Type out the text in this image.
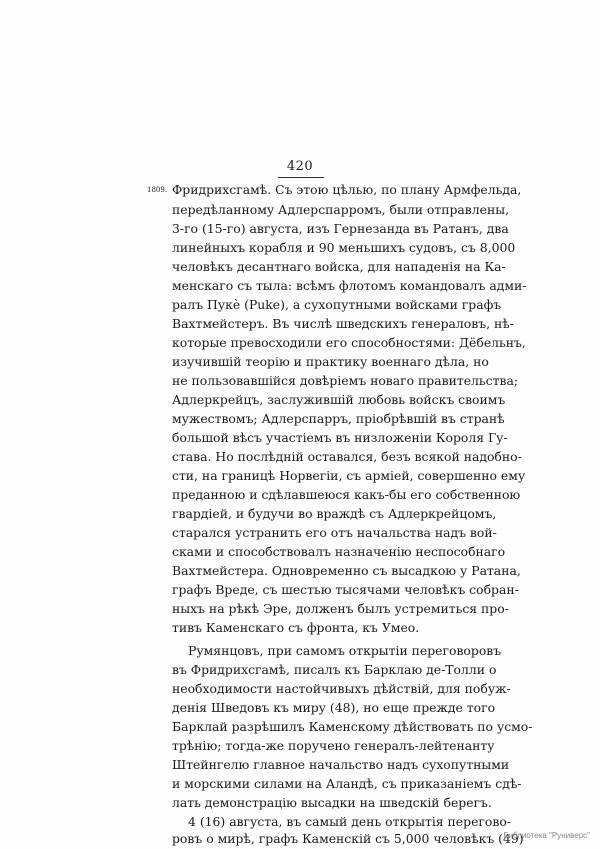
420
1809. Фридрихсгамѣ. Съ этою цѣлью, по плану Армфельда,
передѣланному Адлерспарромъ, были отправлены,
3-го (15-го) августа, изъ Гернезанда въ Ратанъ, два
линейныхъ корабля и 90 меньшихъ судовъ, съ 8,000
человѣкъ десантнаго войска, для нападенія на Ка-
менскаго съ тыла: всѣмъ флотомъ командовалъ адми-
ралъ Пукѐ (Puke), а сухопутными войсками графъ
Вахтмейстеръ. Въ числѣ шведскихъ генераловъ, нѣ-
которые превосходили его способностями: Дёбельнъ,
изучившій теорію и практику военнаго дѣла, но
не пользовавшійся довѣріемъ новаго правительства;
Адлеркрейцъ, заслужившій любовь войскъ своимъ
мужествомъ; Адлерспарръ, пріобрѣвшій въ странѣ
большой вѣсъ участіемъ въ низложеніи Короля Гу-
става. Но послѣдній оставался, безъ всякой надобно-
сти, на границѣ Норвегіи, съ арміей, совершенно ему
преданною и сдѣлавшеюся какъ-бы его собственною
гвардіей, и будучи во враждѣ съ Адлеркрейцомъ,
старался устранить его отъ начальства надъ вой-
сками и способствовалъ назначенію неспособнаго
Вахтмейстера. Одновременно съ высадкою у Ратана,
графъ Вреде, съ шестью тысячами человѣкъ собран-
ныхъ на рѣкѣ Эре, долженъ былъ устремиться про-
тивъ Каменскаго съ фронта, къ Умео.
Румянцовъ, при самомъ открытіи переговоровъ
въ Фридрихсгамѣ, писалъ къ Барклаю де-Толли о
необходимости настойчивыхъ дѣйствій, для побуж-
денія Шведовъ къ миру (48), но еще прежде того
Барклай разрѣшилъ Каменскому дѣйствовать по усмо-
трѣнію; тогда-же поручено генералъ-лейтенанту
Штейнгелю главное начальство надъ сухопутными
и морскими силами на Аландѣ, съ приказаніемъ сдѣ-
лать демонстрацію высадки на шведскій берегъ.
4 (16) августа, въ самый день открытія перегово-
ровъ о мирѣ, графъ Каменскій съ 5,000 человѣкъ (49)
Библиотека "Руниверс"
